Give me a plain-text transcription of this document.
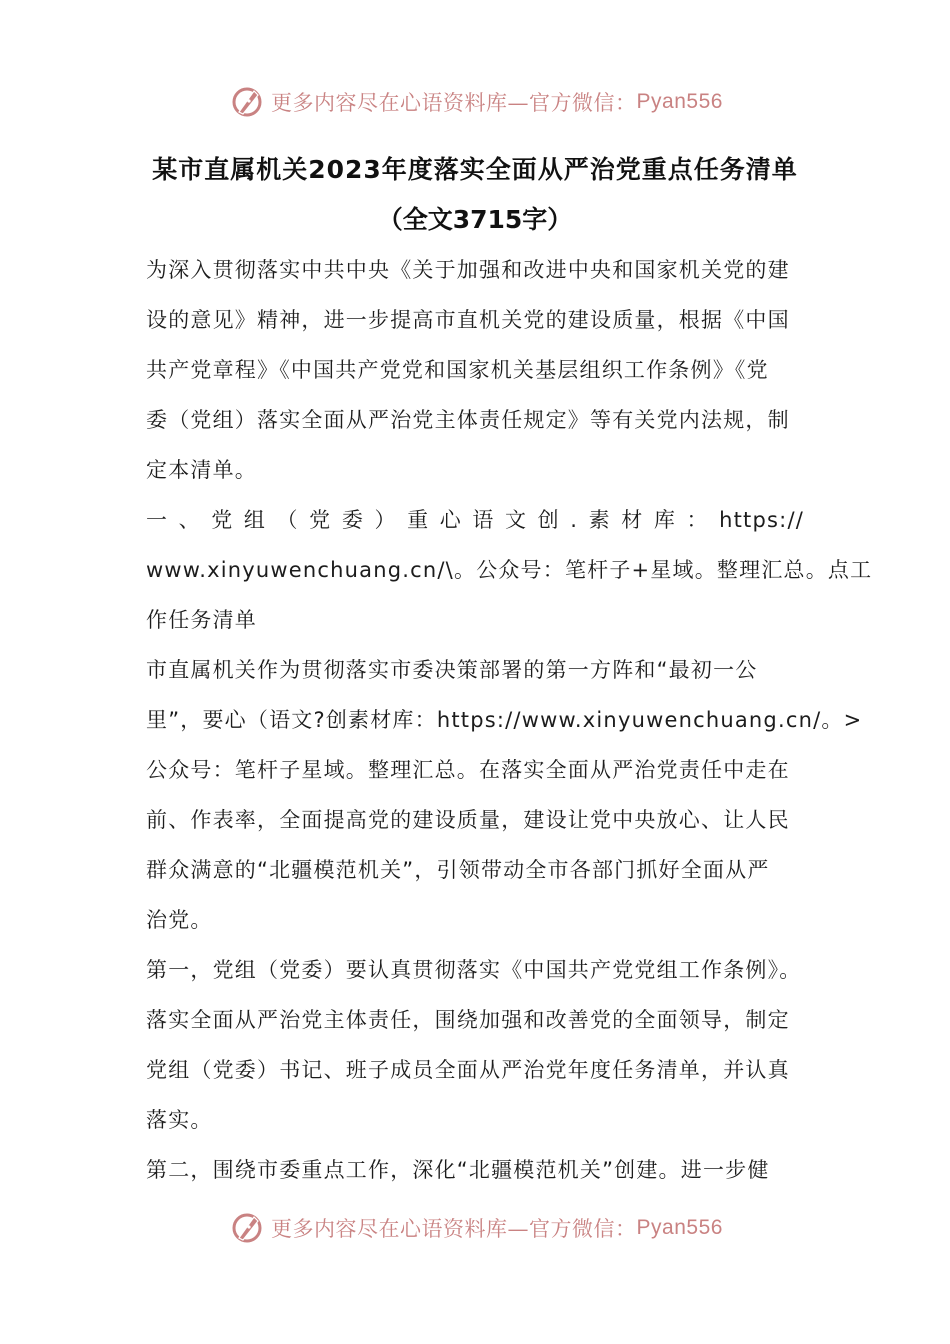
更多内容尽在心语资料库—官方微信： Pyan556
某市直属机关2023年度落实全面从严治党重点任务清单
（全文3715字）
为深入贯彻落实中共中央《关于加强和改进中央和国家机关党的建
设的意见》精神，进一步提高市直机关党的建设质量，根据《中国
共产党章程》《中国共产党党和国家机关基层组织工作条例》《党
委（党组）落实全面从严治党主体责任规定》等有关党内法规，制
定本清单。
一、党组（党委）重心语文创.素材库：https://
www.xinyuwenchuang.cn/\。公众号：笔杆子+星域。整理汇总。点工
作任务清单
市直属机关作为贯彻落实市委决策部署的第一方阵和“最初一公
里”，要心（语文?创素材库：https://www.xinyuwenchuang.cn/。>
公众号：笔杆子星域。整理汇总。在落实全面从严治党责任中走在
前、作表率，全面提高党的建设质量，建设让党中央放心、让人民
群众满意的“北疆模范机关”，引领带动全市各部门抓好全面从严
治党。
第一，党组（党委）要认真贯彻落实《中国共产党党组工作条例》。
落实全面从严治党主体责任，围绕加强和改善党的全面领导，制定
党组（党委）书记、班子成员全面从严治党年度任务清单，并认真
落实。
第二，围绕市委重点工作，深化“北疆模范机关”创建。进一步健
更多内容尽在心语资料库—官方微信： Pyan556
